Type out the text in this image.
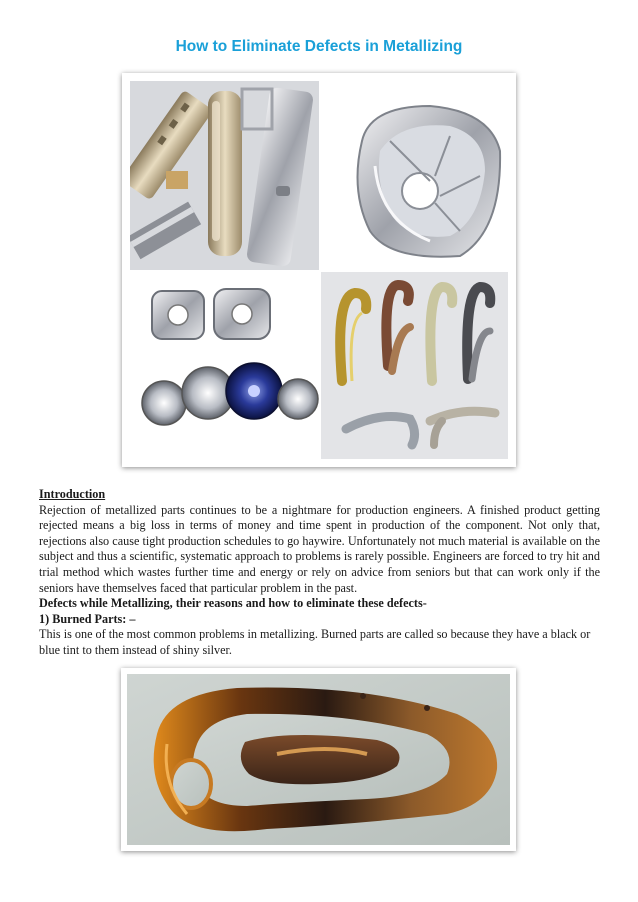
How to Eliminate Defects in Metallizing
Introduction

Rejection of metallized parts continues to be a nightmare for production engineers. A finished product getting rejected means a big loss in terms of money and time spent in production of the component. Not only that, rejections also cause tight production schedules to go haywire. Unfortunately not much material is available on the subject and thus a scientific, systematic approach to problems is rarely possible. Engineers are forced to try hit and trial method which wastes further time and energy or rely on advice from seniors but that can work only if the seniors have themselves faced that particular problem in the past.

Defects while Metallizing, their reasons and how to eliminate these defects-
1) Burned Parts: –

This is one of the most common problems in metallizing. Burned parts are called so because they have a black or blue tint to them instead of shiny silver.
